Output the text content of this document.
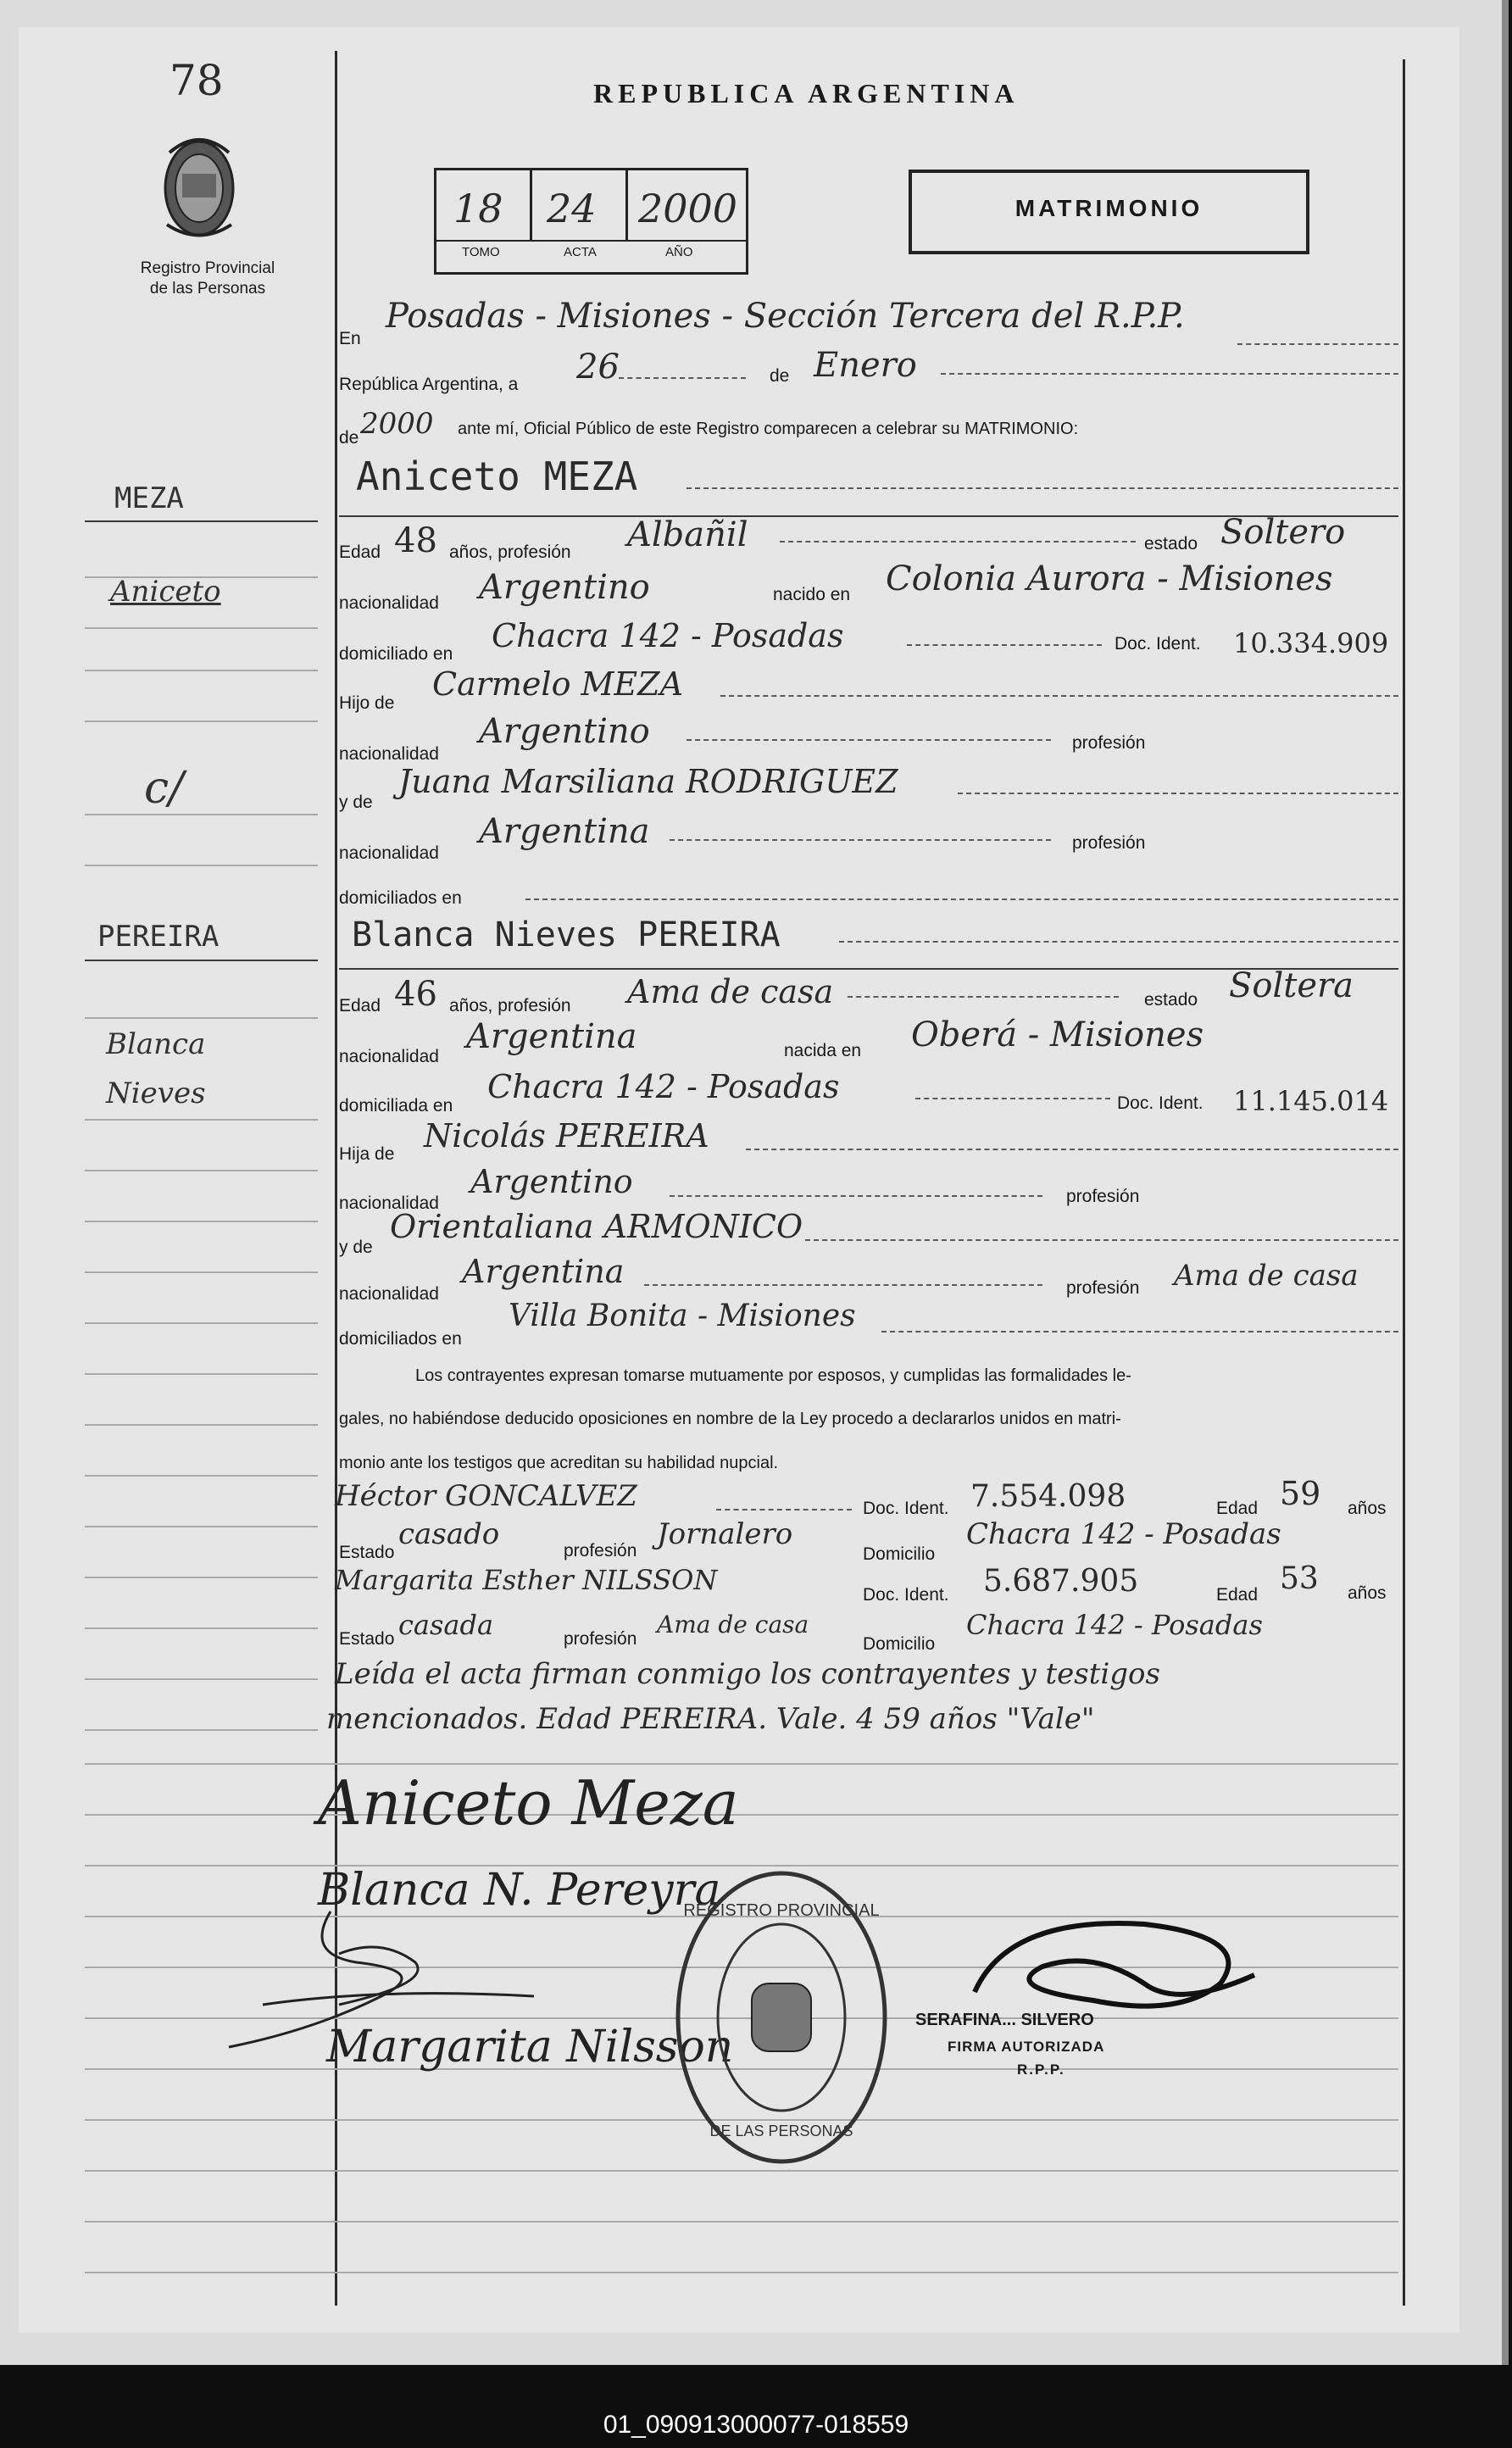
78
Registro Provincial
de las Personas
REPUBLICA ARGENTINA
18 24 2000
TOMO	ACTA	AÑO
MATRIMONIO
En
Posadas - Misiones - Sección Tercera del R.P.P.
República Argentina, a 26	de Enero
de 2000 ante mí, Oficial Público de este Registro comparecen a celebrar su MATRIMONIO:
Aniceto MEZA
MEZA
Aniceto
c/
PEREIRA
Blanca
Nieves
Edad 48 años, profesión Albañil	estado Soltero
nacionalidad Argentino	nacido en Colonia Aurora - Misiones
domiciliado en Chacra 142 - Posadas	Doc. Ident. 10.334.909
Hijo de
Carmelo MEZA
nacionalidad
Argentino	profesión
y de
Juana Marsiliana RODRIGUEZ
nacionalidad
Argentina	profesión
domiciliados en
Blanca Nieves PEREIRA
Edad 46 años, profesión Ama de casa	estado Soltera
nacionalidad
Argentina	nacida en Oberá - Misiones
domiciliada en
Chacra 142 - Posadas	Doc. Ident. 11.145.014
Hija de Nicolás PEREIRA
nacionalidad
Argentino	profesión
y de
Orientaliana ARMONICO
nacionalidad
Argentina	profesión Ama de casa
domiciliados en
Villa Bonita - Misiones
Los contrayentes expresan tomarse mutuamente por esposos, y cumplidas las formalidades le-
gales, no habiéndose deducido oposiciones en nombre de la Ley procedo a declararlos unidos en matri-
monio ante los testigos que acreditan su habilidad nupcial.
Héctor GONCALVEZ	Doc. Ident. 7.554.098	Edad 59 años
Estado
casado	profesión Jornalero
Domicilio
Chacra 142 - Posadas
Margarita Esther NILSSON	Doc. Ident. 5.687.905	Edad 53 años
Estado casada	profesión
Ama de casa
Domicilio
Chacra 142 - Posadas
Leída el acta firman conmigo los contrayentes y testigos
mencionados. Edad PEREIRA. Vale. 4 59 años "Vale"
Aniceto Meza
Blanca N. Pereyra
Margarita Nilsson
REGISTRO PROVINCIAL
DE LAS PERSONAS
SERAFINA... SILVERO
FIRMA AUTORIZADA
R.P.P.
01_090913000077-018559
